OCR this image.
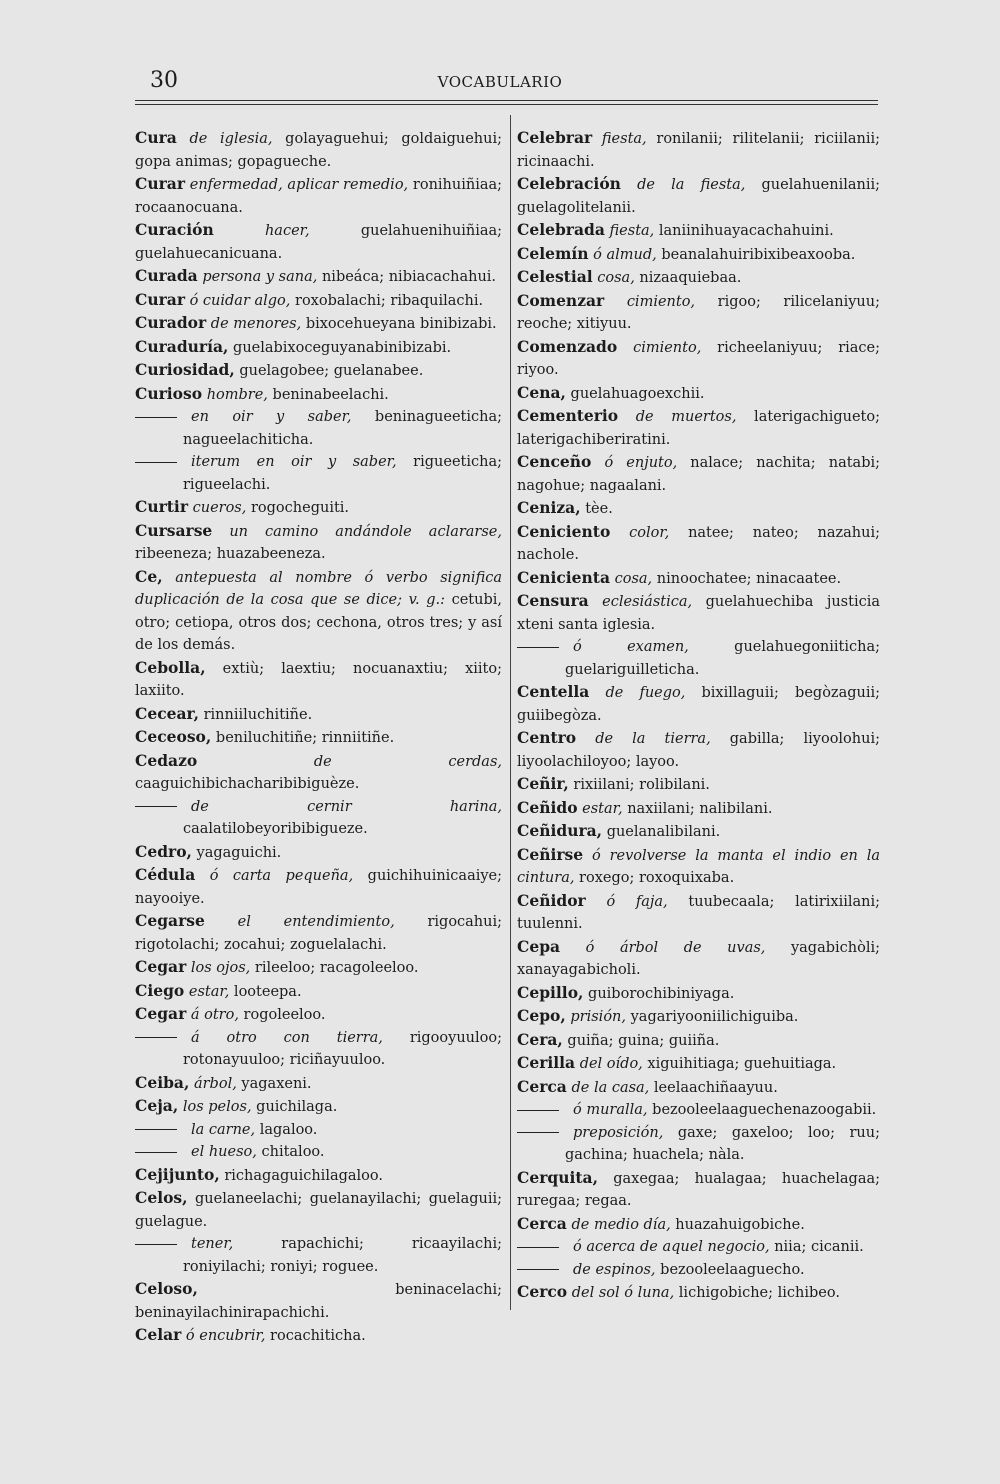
30	VOCABULARIO

Cura de iglesia, golayaguehui; goldaiguehui; gopa animas; gopagueche.

Curar enfermedad, aplicar remedio, ronihuiñiaa; rocaanocuana.

Curación	hacer, guelahuenihuiñiaa; guelahuecanicuana.

Curada persona y sana, nibeáca; nibiacachahui.

Curar ó cuidar algo, roxobalachi; ribaquilachi.

Curador de menores, bixocehueyana binibizabi.

Curaduría, guelabixoceguyanabinibizabi.

Curiosidad, guelagobee; guelanabee.

Curioso hombre, beninabeelachi.

en oir y saber, beninagueeticha; nagueelachiticha.

iterum en oir y saber, rigueeticha; rigueelachi.

Curtir cueros, rogocheguiti.

Cursarse un camino andándole aclararse, ribeeneza; huazabeeneza.

Ce, antepuesta al nombre ó verbo significa duplicación de la cosa que se dice; v. g.: cetubi, otro; cetiopa, otros dos; cechona, otros tres; y así de los demás.

Cebolla, extiù; laextiu; nocuanaxtiu; xiito; laxiito.

Cecear, rinniiluchitiñe.

Ceceoso, beniluchitiñe; rinniitiñe.

Cedazo	de cerdas, caaguichibichacharibibiguèze.

de cernir harina, caalatilobeyoribibigueze.

Cedro, yagaguichi.

Cédula ó carta pequeña, guichihuinicaaiye; nayooiye.

Cegarse el entendimiento, rigocahui; rigotolachi; zocahui; zoguelalachi.

Cegar los ojos, rileeloo; racagoleeloo.

Ciego estar, looteepa.

Cegar á otro, rogoleeloo.

á otro con tierra, rigooyuuloo; rotonayuuloo; riciñayuuloo.

Ceiba, árbol, yagaxeni.

Ceja, los pelos, guichilaga.

la carne, lagaloo.

el hueso, chitaloo.

Cejijunto, richagaguichilagaloo.

Celos, guelaneelachi; guelanayilachi; guelaguii; guelague.

tener, rapachichi; ricaayilachi; roniyilachi; roniyi; roguee.

Celoso,	beninacelachi; beninayilachinirapachichi.

Celar ó encubrir, rocachiticha.

Celebrar fiesta, ronilanii; rilitelanii; riciilanii; ricinaachi.

Celebración de la fiesta, guelahuenilanii; guelagolitelanii.

Celebrada fiesta, laniinihuayacachahuini.

Celemín ó almud, beanalahuiribixibeaxooba.

Celestial cosa, nizaaquiebaa.

Comenzar cimiento, rigoo; rilicelaniyuu; reoche; xitiyuu.

Comenzado cimiento, richeelaniyuu; riace; riyoo.

Cena, guelahuagoexchii.

Cementerio de muertos, laterigachigueto; laterigachiberiratini.

Cenceño ó enjuto, nalace; nachita; natabi; nagohue; nagaalani.

Ceniza, tèe.

Ceniciento color, natee; nateo; nazahui; nachole.

Cenicienta cosa, ninoochatee; ninacaatee.

Censura eclesiástica, guelahuechiba justicia xteni santa iglesia.

ó examen, guelahuegoniiticha; guelariguilleticha.

Centella de fuego, bixillaguii; begòzaguii; guiibegòza.

Centro de la tierra, gabilla; liyoolohui; liyoolachiloyoo; layoo.

Ceñir, rixiilani; rolibilani.

Ceñido estar, naxiilani; nalibilani.

Ceñidura, guelanalibilani.

Ceñirse ó revolverse la manta el indio en la cintura, roxego; roxoquixaba.

Ceñidor ó faja, tuubecaala; latirixiilani; tuulenni.

Cepa ó árbol de uvas, yagabichòli; xanayagabicholi.

Cepillo, guiborochibiniyaga.

Cepo, prisión, yagariyooniilichiguiba.

Cera, guiña; guina; guiiña.

Cerilla del oído, xiguihitiaga; guehuitiaga.

Cerca de la casa, leelaachiñaayuu.

ó muralla, bezooleelaaguechenazoogabii.

preposición, gaxe; gaxeloo; loo; ruu; gachina; huachela; nàla.

Cerquita, gaxegaa; hualagaa; huachelagaa; ruregaa; regaa.

Cerca de medio día, huazahuigobiche.

ó acerca de aquel negocio, niia; cicanii.

de espinos, bezooleelaaguecho.

Cerco del sol ó luna, lichigobiche; lichibeo.
